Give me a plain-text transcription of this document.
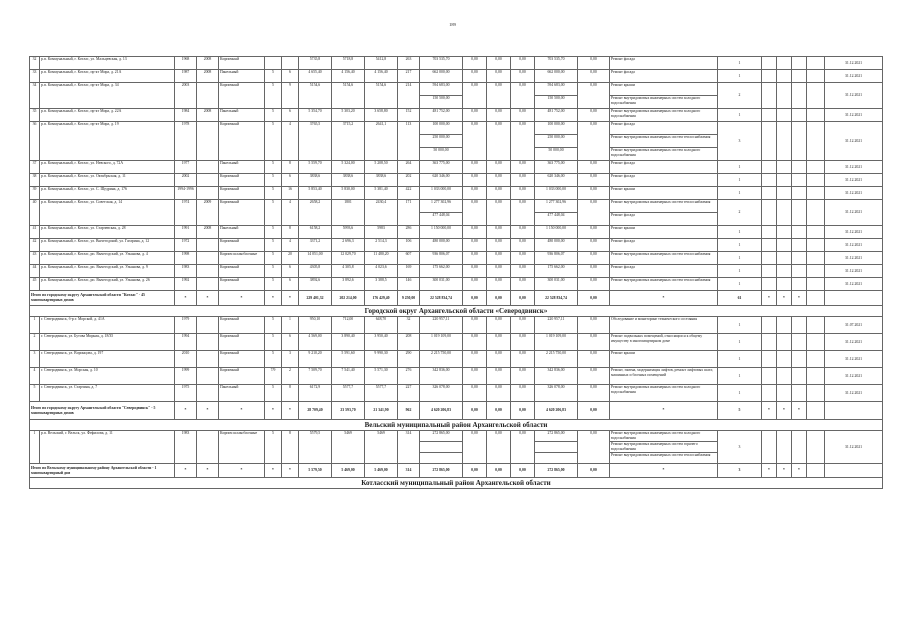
189
32	р.п. Коммунальный, г. Котлас, ул. Мальцевская, д. 13	1968	2008	Кирпичный			5735,8	5718,8	5412,8	263	703 535,70	0,00	0,00	0,00	703 535,70	0,00	Ремонт фасада	1					31.12.2021
33	р.п. Коммунальный, г. Котлас, пр-кт Мира, д. 21А	1987	2008	Панельный	5	6	4 655,40	4 156,40	4 156,40	217	662 000,00	0,00	0,00	0,00	662 000,00	0,00	Ремонт фасада	1					31.12.2021
34	р.п. Коммунальный, г. Котлас, пр-кт Мира, д. 34	2003		Кирпичный	5	9	5154,6	5154,6	5154,6	214	594 683,00	0,00	0,00	0,00	594 683,00	0,00	Ремонт крыши	2					31.12.2021
											150 500,00				150 500,00		Ремонт внутридомовых инженерных систем холодного водоснабжения						
35	р.п. Коммунальный, г. Котлас, пр-кт Мира, д. 22А	1984	2008	Панельный	5	6	5 354,70	5 303,20	3 658,80	152	481 752,00	0,00	0,00	0,00	481 752,00	0,00	Ремонт внутридомовых инженерных систем холодного водоснабжения	1					31.12.2021
36	р.п. Коммунальный, г. Котлас, пр-кт Мира, д. 19	1978		Кирпичный	5	4	3765,5	3715,2	2641,1	113	100 000,00	0,00	0,00	0,00	100 000,00	0,00	Ремонт фасада	3					31.12.2021
											250 000,00				250 000,00		Ремонт внутридомовых инженерных систем теплоснабжения						
											50 000,00				50 000,00		Ремонт внутридомовых инженерных систем холодного водоснабжения						
37	р.п. Коммунальный, г. Котлас, ул. Невского, д. 72А	1977		Панельный	5	8	5 559,70	5 324,00	5 208,50	264	363 775,00	0,00	0,00	0,00	363 775,00	0,00	Ремонт фасада	1					31.12.2021
38	р.п. Коммунальный, г. Котлас, ул. Октябрьская, д. 11	2002		Кирпичный	5	6	3838,6	3838,6	3838,6	202	620 346,00	0,00	0,00	0,00	620 346,00	0,00	Ремонт фасада	1					31.12.2021
39	р.п. Коммунальный, г. Котлас, ул. С. Щедрина, д. 176	1994-1996		Кирпичный	5	16	5 853,40	5 830,00	5 381,40	422	1 033 000,00	0,00	0,00	0,00	1 033 000,00	0,00	Ремонт крыши	1					31.12.2021
40	р.п. Коммунальный, г. Котлас, ул. Советская, д. 14	1974	2009	Кирпичный	5	4	2658,2	1801	2430,4	171	1 277 302,96	0,00	0,00	0,00	1 277 302,96	0,00	Ремонт внутридомовых инженерных систем теплоснабжения	2					31.12.2021
											477 448,04				477 448,04		Ремонт фасада						
41	р.п. Коммунальный, г. Котлас, ул. Старчевская, д. 28	1991	2008	Панельный	5	8	6158,2	5993,6	5983	286	1 150 000,00	0,00	0,00	0,00	1 150 000,00	0,00	Ремонт крыши	1					31.12.2021
42	р.п. Коммунальный, г. Котлас, ул. Вычегодский, ул. Гагарина, д. 12	1972		Кирпичный	5	4	3371,2	2 696,3	2 514,3	106	480 000,00	0,00	0,00	0,00	480 000,00	0,00	Ремонт фасада	1					31.12.2021
43	р.п. Коммунальный, г. Котлас, рп. Вычегодский, ул. Ульянова, д. 4	1998		Кирпич шлакоблочные	5	20	14 051,00	12 029,70	11 480,20	607	936 806,07	0,00	0,00	0,00	936 806,07	0,00	Ремонт внутридомовых инженерных систем теплоснабжения	1					31.12.2021
44	р.п. Коммунальный, г. Котлас, рп. Вычегодский, ул. Ульянова, д. 9	1983		Кирпичный	5	6	4305,8	4 305,8	4 023,6	169	175 662,00	0,00	0,00	0,00	175 662,00	0,00	Ремонт фасада	1					31.12.2021
45	р.п. Коммунальный, г. Котлас, рп. Вычегодский, ул. Ульянова, д. 26	1992		Кирпичный	5	6	3892,6	3 892,6	3 388,5	146	300 031,00	0,00	0,00	0,00	300 031,00	0,00	Ремонт внутридомовых инженерных систем теплоснабжения	1					31.12.2021
Итого по городскому округу Архангельской области "Котлас" - 45 многоквартирных домов		*	*	*	*	*	229 401,32	202 214,00	176 429,40	9 250,00	22 528 834,74	0,00	0,00	0,00	22 528 834,74	0,00	*	61	*	*	*		
Городской округ Архангельской области «Северодвинск»																							
1	г. Северодвинск, б-р.т. Морской, д. 41А	1979		Кирпичный	5	1	950,10	712,00	648,70	32	220 957,11	0,00	0,00	0,00	220 957,11	0,00	Обследование и мониторинг технического состояния	1					31.07.2021
2	г. Северодвинск, ул. Бутова Мирная, д. 18/35	1994		Кирпичный	5	6	4 569,00	3 890,40	3 950,40	208	1 019 109,00	0,00	0,00	0,00	1 019 109,00	0,00	Ремонт подвальных помещений, относящихся к общему имуществу в многоквартирном доме	1					31.12.2021
3	г. Северодвинск, ул. Воронцова, д. 197	2010		Кирпичный	5	3	9 210,20	5 591,60	9 990,30	290	2 215 750,00	0,00	0,00	0,00	2 215 750,00	0,00	Ремонт крыши	1					31.12.2021
4	г. Северодвинск, ул. Морская, д. 10	1999		Кирпичный	7/9	2	7 509,70	7 541,40	5 571,30	276	342 836,00	0,00	0,00	0,00	342 836,00	0,00	Ремонт, замена, модернизация лифтов, ремонт лифтовых шахт, машинных и блочных помещений	1					31.12.2021
5	г. Северодвинск, ул. Старчина, д. 7	1975		Панельный	5	8	6172,9	5577,7	5577,7	227	326 078,00	0,00	0,00	0,00	326 078,00	0,00	Ремонт внутридомовых инженерных систем холодного водоснабжения	1					31.12.2021
Итого по городскому округу Архангельской области "Северодвинск" - 5 многоквартирных домов		*	*	*	*	*	28 709,40	23 593,70	21 341,90	962	4 620 206,83	0,00	0,00	0,00	4 620 206,83	0,00	*	5	*	*	*		
Вельский муниципальный район Архангельской области																							
1	р.п. Вельский, г. Вельск, ул. Фефилова, д. 11	1983		Кирпич шлакоблочные	5	8	5579,5	5469	5469	314	272 865,00	0,00	0,00	0,00	272 865,00	0,00	Ремонт внутридомовых инженерных систем холодного водоснабжения	3					31.12.2021
																	Ремонт внутридомовых инженерных систем горячего водоснабжения						
																	Ремонт внутридомовых инженерных систем теплоснабжения						
Итого по Вельскому муниципальному району Архангельской области - 1 многоквартирный дом		*	*	*	*	*	5 579,50	5 469,00	5 469,00	314	272 865,00	0,00	0,00	0,00	272 865,00	0,00	*	3	*	*	*		
Котласский муниципальный район Архангельской области																							
